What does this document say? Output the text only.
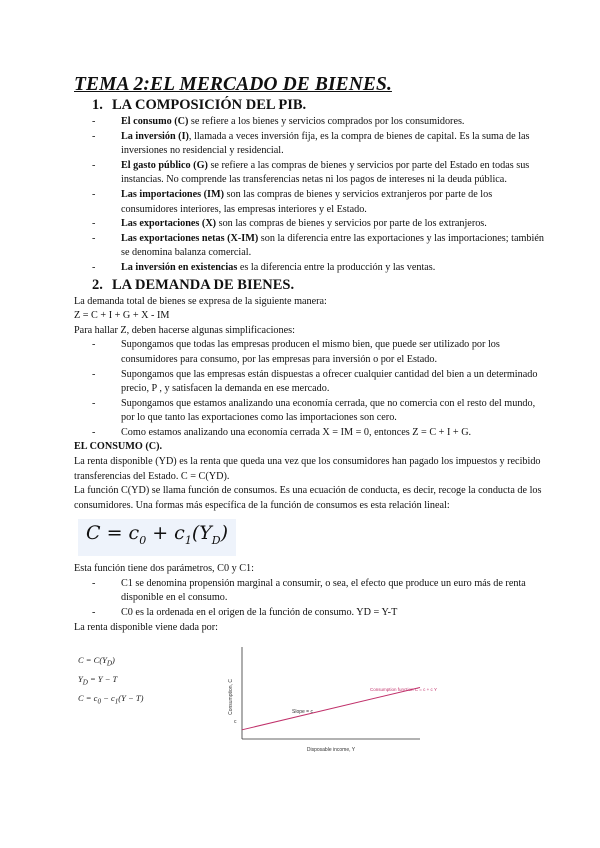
TEMA 2:EL MERCADO DE BIENES.
1. LA COMPOSICIÓN DEL PIB.
-	El consumo (C) se refiere a los bienes y servicios comprados por los consumidores.
-	La inversión (I), llamada a veces inversión fija, es la compra de bienes de capital. Es la suma de las inversiones no residencial y residencial.
-	El gasto público (G) se refiere a las compras de bienes y servicios por parte del Estado en todas sus instancias. No comprende las transferencias netas ni los pagos de intereses ni la deuda pública.
-	Las importaciones (IM) son las compras de bienes y servicios extranjeros por parte de los consumidores interiores, las empresas interiores y el Estado.
-	Las exportaciones (X) son las compras de bienes y servicios por parte de los extranjeros.
-	Las exportaciones netas (X-IM) son la diferencia entre las exportaciones y las importaciones; también se denomina balanza comercial.
-	La inversión en existencias es la diferencia entre la producción y las ventas.
2. LA DEMANDA DE BIENES.

La demanda total de bienes se expresa de la siguiente manera:

Z = C + I + G + X - IM

Para hallar Z, deben hacerse algunas simplificaciones:

-	Supongamos que todas las empresas producen el mismo bien, que puede ser utilizado por los consumidores para consumo, por las empresas para inversión o por el Estado.
-	Supongamos que las empresas están dispuestas a ofrecer cualquier cantidad del bien a un determinado precio, P , y satisfacen la demanda en ese mercado.
-	Supongamos que estamos analizando una economía cerrada, que no comercia con el resto del mundo, por lo que tanto las exportaciones como las importaciones son cero.
-	Como estamos analizando una economía cerrada X = IM = 0, entonces Z = C + I + G.

EL CONSUMO (C).

La renta disponible (YD) es la renta que queda una vez que los consumidores han pagado los impuestos y recibido transferencias del Estado. C = C(YD).

La función C(YD) se llama función de consumos. Es una ecuación de conducta, es decir, recoge la conducta de los consumidores. Una formas más específica de la función de consumos es esta relación lineal:

$C = c_0 + c_1(Y_D)$

Esta función tiene dos parámetros, C0 y C1:

-	C1 se denomina propensión marginal a consumir, o sea, el efecto que produce un euro más de renta disponible en el consumo.
-	C0 es la ordenada en el origen de la función de consumo. YD = Y-T

La renta disponible viene dada por:

$C = C(Y_D)$
$Y_D = Y - T$
$C = c_0 - c_1(Y - T)$	Consumption, C
Disposable income, Y
Slope = c
c
Consumption function C = c + c Y
